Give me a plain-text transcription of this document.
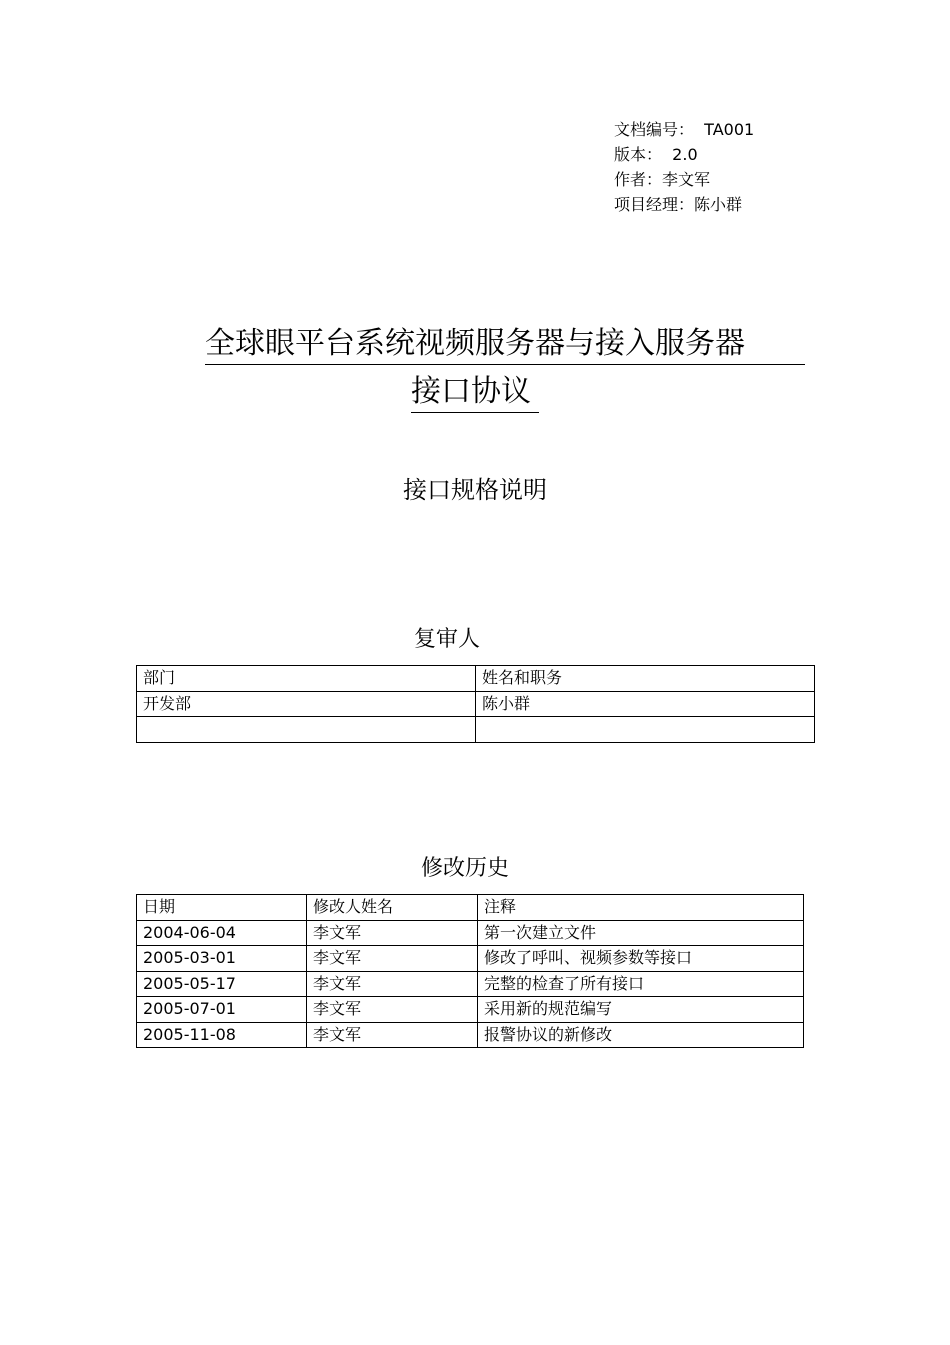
文档编号：  TA001
版本：  2.0
作者：李文军
项目经理：陈小群
全球眼平台系统视频服务器与接入服务器
接口协议
接口规格说明
复审人
部门	姓名和职务
开发部	陈小群

修改历史
日期	修改人姓名	注释
2004-06-04	李文军	第一次建立文件
2005-03-01	李文军	修改了呼叫、视频参数等接口
2005-05-17	李文军	完整的检查了所有接口
2005-07-01	李文军	采用新的规范编写
2005-11-08	李文军	报警协议的新修改
